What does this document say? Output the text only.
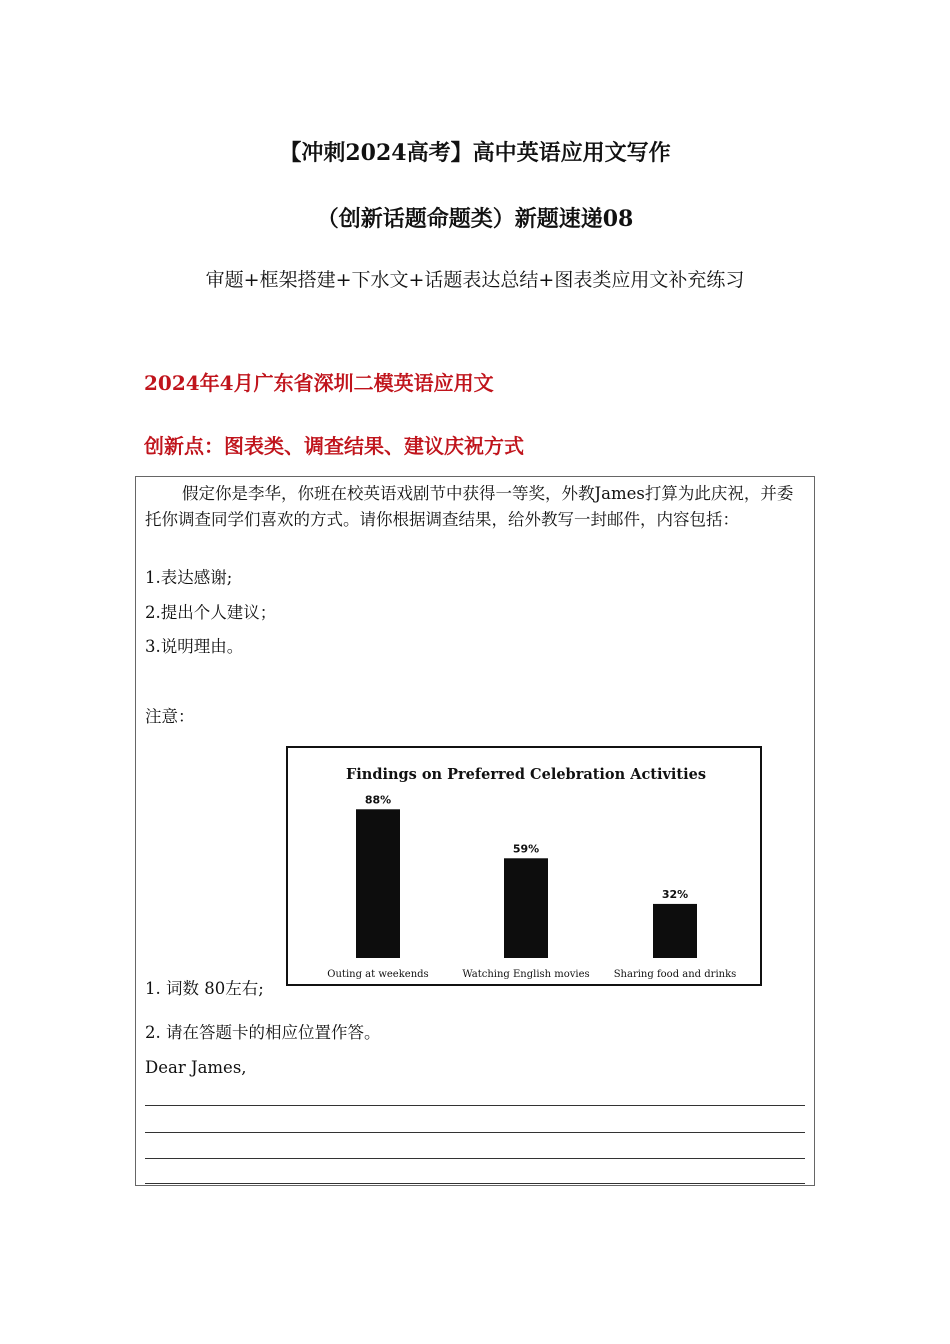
【冲刺2024高考】高中英语应用文写作
（创新话题命题类）新题速递08
审题+框架搭建+下水文+话题表达总结+图表类应用文补充练习
2024年4月广东省深圳二模英语应用文
创新点：图表类、调查结果、建议庆祝方式
假定你是李华，你班在校英语戏剧节中获得一等奖，外教James打算为此庆祝，并委托你调查同学们喜欢的方式。请你根据调查结果，给外教写一封邮件，内容包括：
1.表达感谢;
2.提出个人建议；
3.说明理由。
注意：
Findings on Preferred Celebration Activities
88%
Outing at weekends
59%
Watching English movies
32%
Sharing food and drinks
1. 词数 80左右;
2. 请在答题卡的相应位置作答。
Dear James,
